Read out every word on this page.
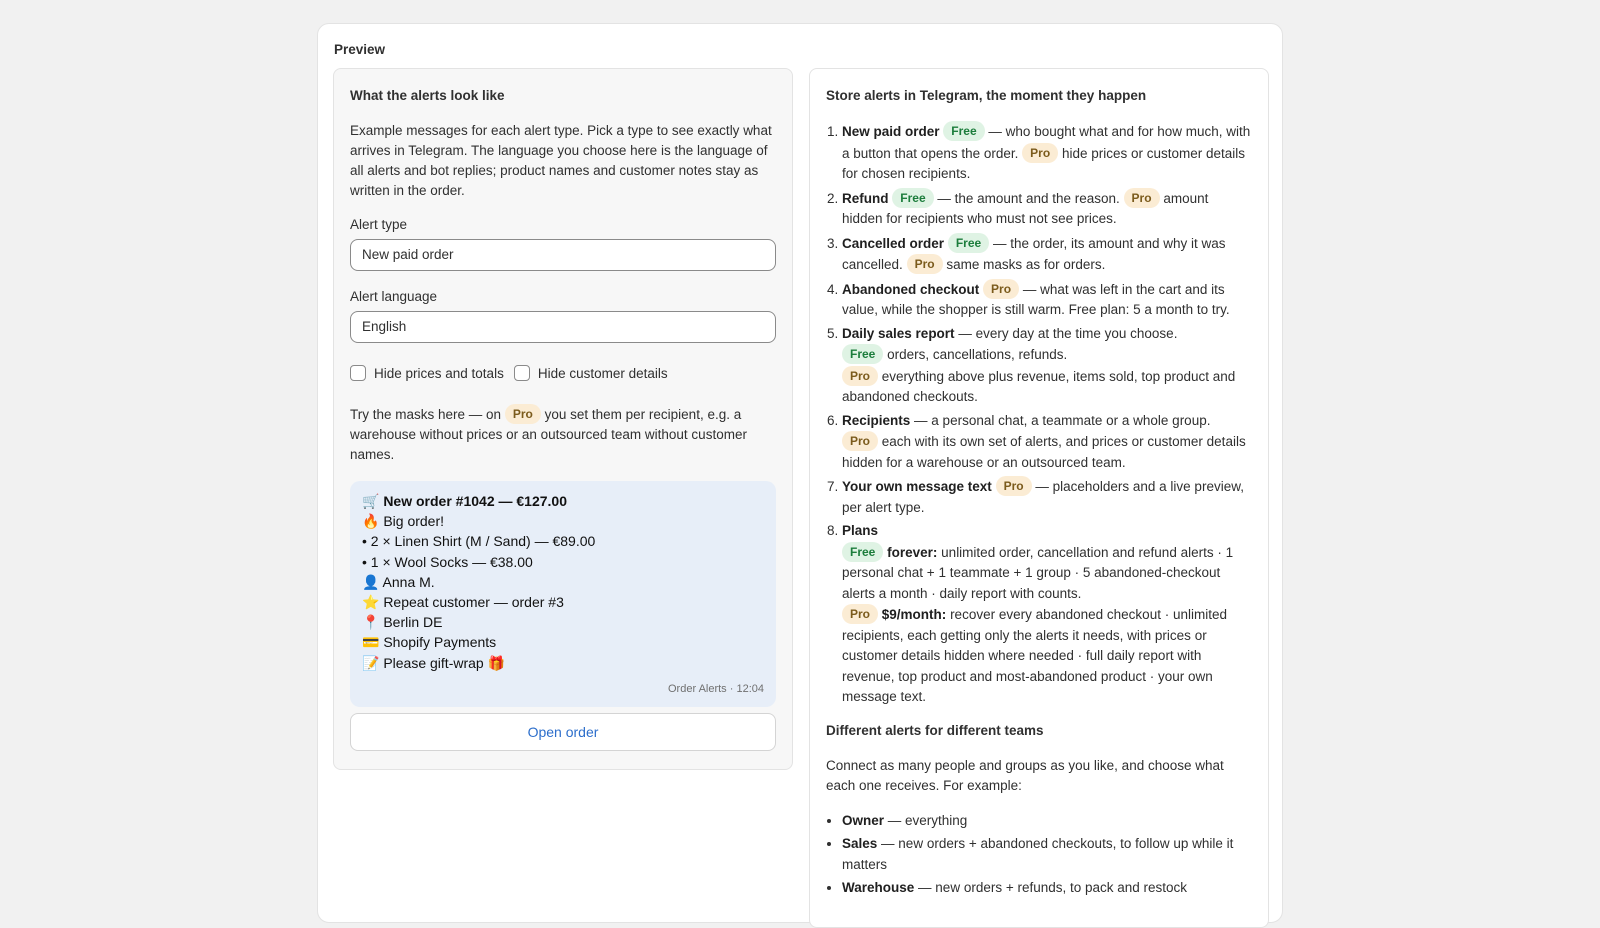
Preview
What the alerts look like
Example messages for each alert type. Pick a type to see exactly what arrives in Telegram. The language you choose here is the language of all alerts and bot replies; product names and customer notes stay as written in the order.
Alert type
New paid order
Alert language
English
Hide prices and totals	Hide customer details
Try the masks here — on Pro you set them per recipient, e.g. a warehouse without prices or an outsourced team without customer names.
🛒 New order #1042 — €127.00
🔥 Big order!
• 2 × Linen Shirt (M / Sand) — €89.00
• 1 × Wool Socks — €38.00
👤 Anna M.
⭐ Repeat customer — order #3
📍 Berlin DE
💳 Shopify Payments
📝 Please gift-wrap 🎁
Order Alerts · 12:04
Open order
Store alerts in Telegram, the moment they happen
1. New paid order Free — who bought what and for how much, with a button that opens the order. Pro hide prices or customer details for chosen recipients.
2. Refund Free — the amount and the reason. Pro amount hidden for recipients who must not see prices.
3. Cancelled order Free — the order, its amount and why it was cancelled. Pro same masks as for orders.
4. Abandoned checkout Pro — what was left in the cart and its value, while the shopper is still warm. Free plan: 5 a month to try.
5. Daily sales report — every day at the time you choose.
Free orders, cancellations, refunds.
Pro everything above plus revenue, items sold, top product and abandoned checkouts.
6. Recipients — a personal chat, a teammate or a whole group.
Pro each with its own set of alerts, and prices or customer details hidden for a warehouse or an outsourced team.
7. Your own message text Pro — placeholders and a live preview, per alert type.
8. Plans
Free forever: unlimited order, cancellation and refund alerts · 1 personal chat + 1 teammate + 1 group · 5 abandoned-checkout alerts a month · daily report with counts.
Pro $9/month: recover every abandoned checkout · unlimited recipients, each getting only the alerts it needs, with prices or customer details hidden where needed · full daily report with revenue, top product and most-abandoned product · your own message text.
Different alerts for different teams
Connect as many people and groups as you like, and choose what each one receives. For example:
• Owner — everything
• Sales — new orders + abandoned checkouts, to follow up while it matters
• Warehouse — new orders + refunds, to pack and restock
